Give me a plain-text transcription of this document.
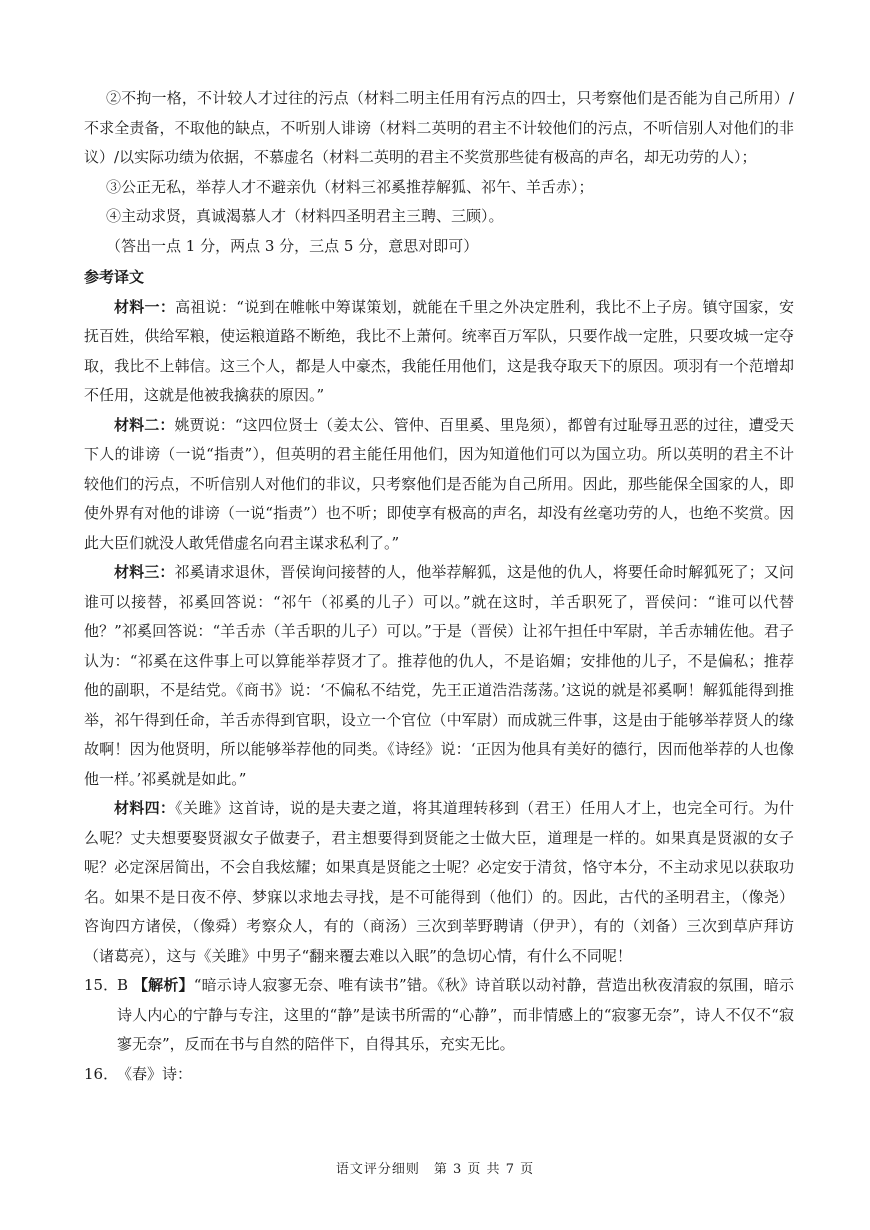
②不拘一格，不计较人才过往的污点（材料二明主任用有污点的四士，只考察他们是否能为自己所用）/不求全责备，不取他的缺点，不听别人诽谤（材料二英明的君主不计较他们的污点，不听信别人对他们的非议）/以实际功绩为依据，不慕虚名（材料二英明的君主不奖赏那些徒有极高的声名，却无功劳的人）；

③公正无私，举荐人才不避亲仇（材料三祁奚推荐解狐、祁午、羊舌赤）；

④主动求贤，真诚渴慕人才（材料四圣明君主三聘、三顾）。

（答出一点 1 分，两点 3 分，三点 5 分，意思对即可）

参考译文

材料一：高祖说：“说到在帷帐中筹谋策划，就能在千里之外决定胜利，我比不上子房。镇守国家，安抚百姓，供给军粮，使运粮道路不断绝，我比不上萧何。统率百万军队，只要作战一定胜，只要攻城一定夺取，我比不上韩信。这三个人，都是人中豪杰，我能任用他们，这是我夺取天下的原因。项羽有一个范增却不任用，这就是他被我擒获的原因。”

材料二：姚贾说：“这四位贤士（姜太公、管仲、百里奚、里凫须），都曾有过耻辱丑恶的过往，遭受天下人的诽谤（一说“指责”），但英明的君主能任用他们，因为知道他们可以为国立功。所以英明的君主不计较他们的污点，不听信别人对他们的非议，只考察他们是否能为自己所用。因此，那些能保全国家的人，即使外界有对他的诽谤（一说“指责”）也不听；即使享有极高的声名，却没有丝毫功劳的人，也绝不奖赏。因此大臣们就没人敢凭借虚名向君主谋求私利了。”

材料三：祁奚请求退休，晋侯询问接替的人，他举荐解狐，这是他的仇人，将要任命时解狐死了；又问谁可以接替，祁奚回答说：“祁午（祁奚的儿子）可以。”就在这时，羊舌职死了，晋侯问：“谁可以代替他？”祁奚回答说：“羊舌赤（羊舌职的儿子）可以。”于是（晋侯）让祁午担任中军尉，羊舌赤辅佐他。君子认为：“祁奚在这件事上可以算能举荐贤才了。推荐他的仇人，不是谄媚；安排他的儿子，不是偏私；推荐他的副职，不是结党。《商书》说：‘不偏私不结党，先王正道浩浩荡荡。’这说的就是祁奚啊！解狐能得到推举，祁午得到任命，羊舌赤得到官职，设立一个官位（中军尉）而成就三件事，这是由于能够举荐贤人的缘故啊！因为他贤明，所以能够举荐他的同类。《诗经》说：‘正因为他具有美好的德行，因而他举荐的人也像他一样。’祁奚就是如此。”

材料四：《关雎》这首诗，说的是夫妻之道，将其道理转移到（君王）任用人才上，也完全可行。为什么呢？丈夫想要娶贤淑女子做妻子，君主想要得到贤能之士做大臣，道理是一样的。如果真是贤淑的女子呢？必定深居简出，不会自我炫耀；如果真是贤能之士呢？必定安于清贫，恪守本分，不主动求见以获取功名。如果不是日夜不停、梦寐以求地去寻找，是不可能得到（他们）的。因此，古代的圣明君主，（像尧）咨询四方诸侯，（像舜）考察众人，有的（商汤）三次到莘野聘请（伊尹），有的（刘备）三次到草庐拜访（诸葛亮），这与《关雎》中男子“翻来覆去难以入眠”的急切心情，有什么不同呢！

15．
B 【解析】“暗示诗人寂寥无奈、唯有读书”错。《秋》诗首联以动衬静，营造出秋夜清寂的氛围，暗示诗人内心的宁静与专注，这里的“静”是读书所需的“心静”，而非情感上的“寂寥无奈”，诗人不仅不“寂寥无奈”，反而在书与自然的陪伴下，自得其乐，充实无比。

16．
《春》诗：

语文评分细则　第 3 页 共 7 页
